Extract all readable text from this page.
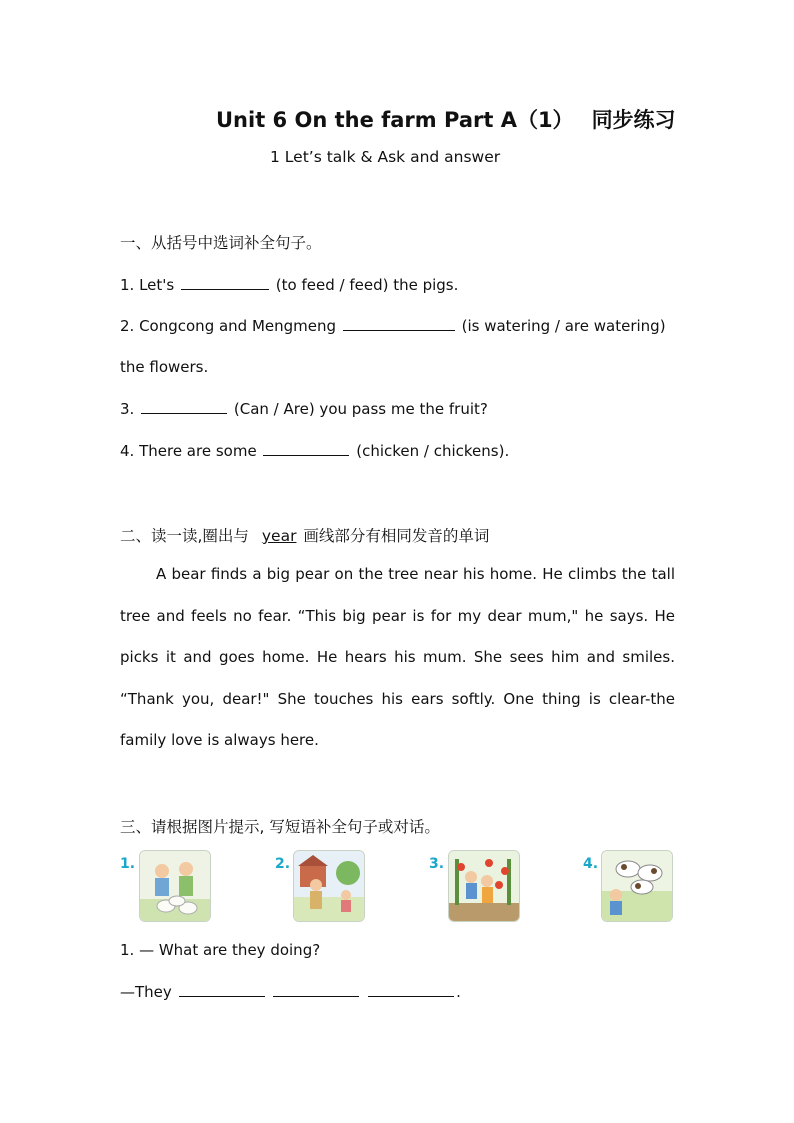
Unit 6 On the farm Part A（1） 同步练习
1 Let’s talk & Ask and answer
一、从括号中选词补全句子。
1. Let's	(to feed / feed) the pigs.
2. Congcong and Mengmeng	(is watering / are watering)
the flowers.
3.	(Can / Are) you pass me the fruit?
4. There are some	(chicken / chickens).
二、读一读,圈出与 year 画线部分有相同发音的单词
A bear finds a big pear on the tree near his home. He climbs the tall tree and feels no fear. “This big pear is for my dear mum," he says. He picks it and goes home. He hears his mum. She sees him and smiles. “Thank you, dear!" She touches his ears softly. One thing is clear-the family love is always here.
三、请根据图片提示, 写短语补全句子或对话。
1.	2.	3.	4.
1. — What are they doing?
—They	.
